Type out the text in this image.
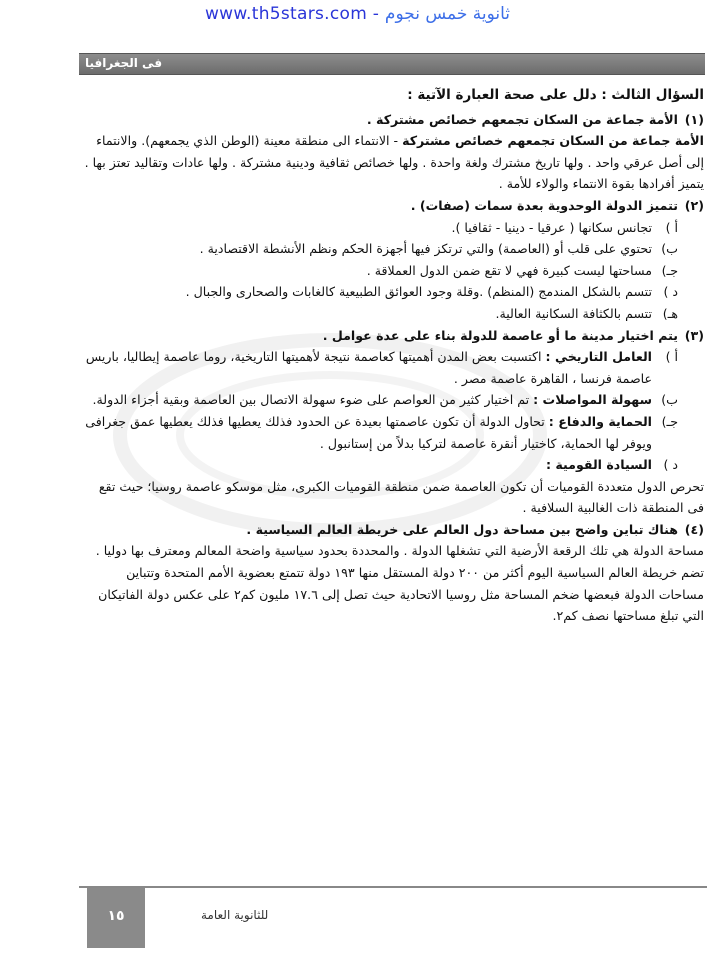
www.th5stars.com - ثانوية خمس نجوم
فى الجغرافيا

السؤال الثالث : دلل على صحة العبارة الآتية :

(١)

الأمة جماعة من السكان تجمعهم خصائص مشتركة .

الأمة جماعة من السكان تجمعهم خصائص مشتركة - الانتماء الى منطقة معينة (الوطن الذي يجمعهم). والانتماء إلى أصل عرقي واحد . ولها تاريخ مشترك ولغة واحدة . ولها خصائص ثقافية ودينية مشتركة . ولها عادات وتقاليد تعتز بها . يتميز أفرادها بقوة الانتماء والولاء للأمة .

(٢)

تتميز الدولة الوحدوية بعدة سمات (صفات) .

أ )
تجانس سكانها ( عرقيا - دينيا - ثقافيا ).
ب)
تحتوي على قلب أو (العاصمة) والتي ترتكز فيها أجهزة الحكم ونظم الأنشطة الاقتصادية .
جـ)
مساحتها ليست كبيرة فهي لا تقع ضمن الدول العملاقة .
د )
تتسم بالشكل المندمج (المنظم) .وقلة وجود العوائق الطبيعية كالغابات والصحارى والجبال .
هـ)
تتسم بالكثافة السكانية العالية.
(٣)

يتم اختيار مدينة ما أو عاصمة للدولة بناء على عدة عوامل .

أ )
العامل التاريخي : اكتسبت بعض المدن أهميتها كعاصمة نتيجة لأهميتها التاريخية، روما عاصمة إيطاليا، باريس عاصمة فرنسا ، القاهرة عاصمة مصر .
ب)
سهولة المواصلات : تم اختيار كثير من العواصم على ضوء سهولة الاتصال بين العاصمة وبقية أجزاء الدولة.
جـ)
الحماية والدفاع : تحاول الدولة أن تكون عاصمتها بعيدة عن الحدود فذلك يعطيها فذلك يعطيها عمق جغرافى ويوفر لها الحماية، كاختيار أنقرة عاصمة لتركيا بدلاً من إستانبول .
د )
السيادة القومية :

تحرص الدول متعددة القوميات أن تكون العاصمة ضمن منطقة القوميات الكبرى، مثل موسكو عاصمة روسيا؛ حيث تقع فى المنطقة ذات الغالبية السلافية .

(٤)

هناك تباين واضح بين مساحة دول العالم على خريطة العالم السياسية .

مساحة الدولة هي تلك الرقعة الأرضية التي تشغلها الدولة . والمحددة بحدود سياسية واضحة المعالم ومعترف بها دوليا . تضم خريطة العالم السياسية اليوم أكثر من ٢٠٠ دولة المستقل منها ١٩٣ دولة تتمتع بعضوية الأمم المتحدة وتتباين مساحات الدولة فبعضها ضخم المساحة مثل روسيا الاتحادية حيث تصل إلى ١٧.٦ مليون كم٢ على عكس دولة الفاتيكان التي تبلغ مساحتها نصف كم٢.

١٥	للثانوية العامة
